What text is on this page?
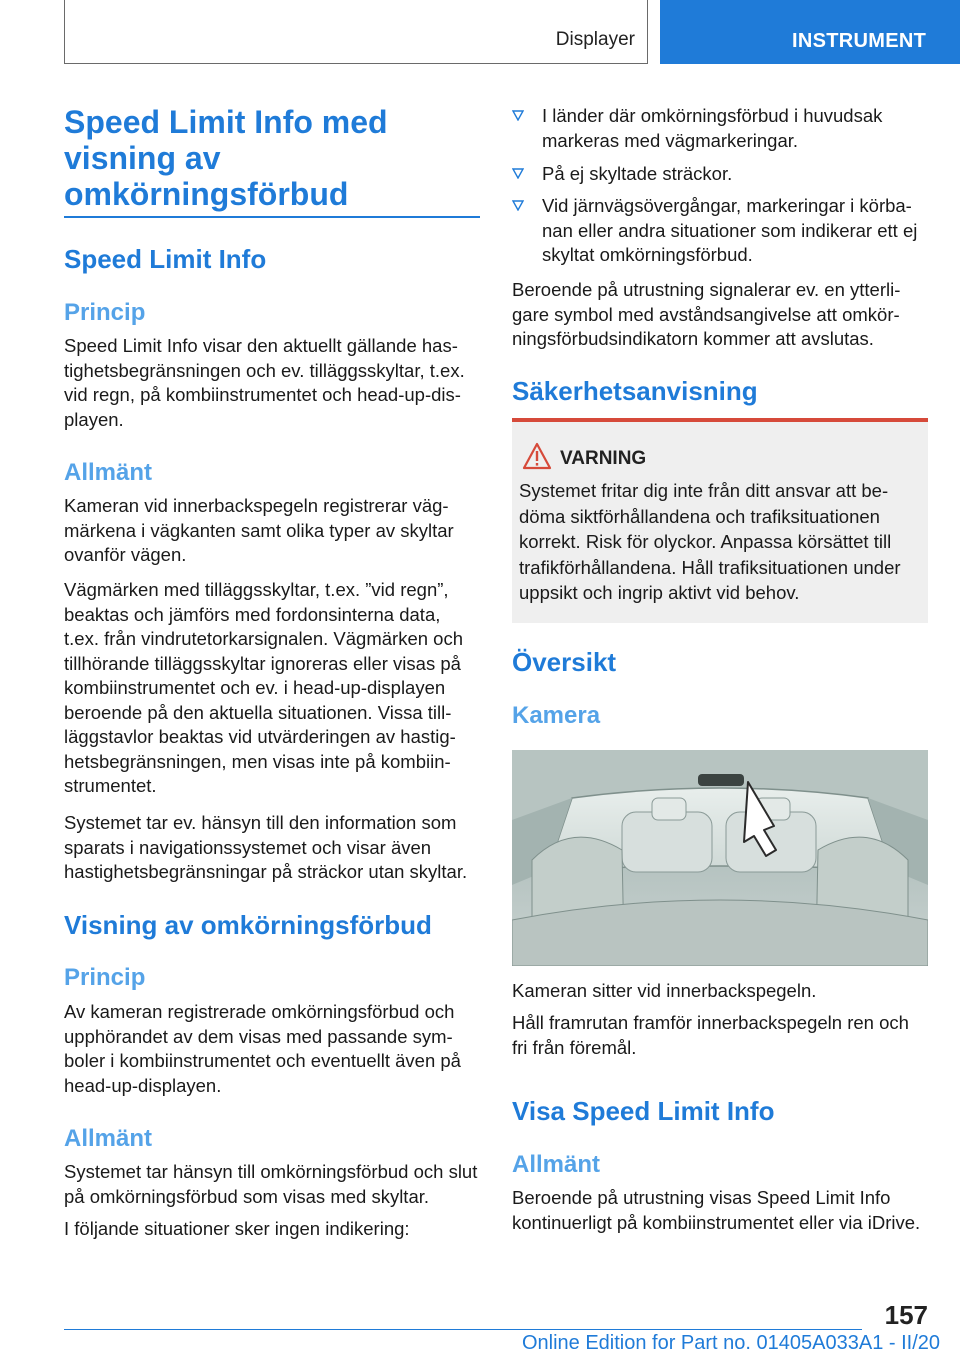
Displayer	INSTRUMENT
Speed Limit Info med visning av omkörningsförbud
Speed Limit Info
Princip

Speed Limit Info visar den aktuellt gällande has-tighetsbegränsningen och ev. tilläggsskyltar, t.ex. vid regn, på kombiinstrumentet och head-up-dis-playen.

Allmänt

Kameran vid innerbackspegeln registrerar väg-märkena i vägkanten samt olika typer av skyltar ovanför vägen.

Vägmärken med tilläggsskyltar, t.ex. ”vid regn”, beaktas och jämförs med fordonsinterna data, t.ex. från vindrutetorkarsignalen. Vägmärken och tillhörande tilläggsskyltar ignoreras eller visas på kombiinstrumentet och ev. i head-up-displayen beroende på den aktuella situationen. Vissa till-läggstavlor beaktas vid utvärderingen av hastig-hetsbegränsningen, men visas inte på kombiin-strumentet.

Systemet tar ev. hänsyn till den information som sparats i navigationssystemet och visar även hastighetsbegränsningar på sträckor utan skyltar.

Visning av omkörningsförbud
Princip

Av kameran registrerade omkörningsförbud och upphörandet av dem visas med passande sym-boler i kombiinstrumentet och eventuellt även på head-up-displayen.

Allmänt

Systemet tar hänsyn till omkörningsförbud och slut på omkörningsförbud som visas med skyltar.

I följande situationer sker ingen indikering:

I länder där omkörningsförbud i huvudsak markeras med vägmarkeringar.
På ej skyltade sträckor.
Vid järnvägsövergångar, markeringar i körba-nan eller andra situationer som indikerar ett ej skyltat omkörningsförbud.

Beroende på utrustning signalerar ev. en ytterli-gare symbol med avståndsangivelse att omkör-ningsförbudsindikatorn kommer att avslutas.

Säkerhetsanvisning
VARNING

Systemet fritar dig inte från ditt ansvar att be-döma siktförhållandena och trafiksituationen korrekt. Risk för olyckor. Anpassa körsättet till trafikförhållandena. Håll trafiksituationen under uppsikt och ingrip aktivt vid behov.

Översikt
Kamera

Kameran sitter vid innerbackspegeln.

Håll framrutan framför innerbackspegeln ren och fri från föremål.

Visa Speed Limit Info
Allmänt

Beroende på utrustning visas Speed Limit Info kontinuerligt på kombiinstrumentet eller via iDrive.

157
Online Edition for Part no. 01405A033A1 - II/20
